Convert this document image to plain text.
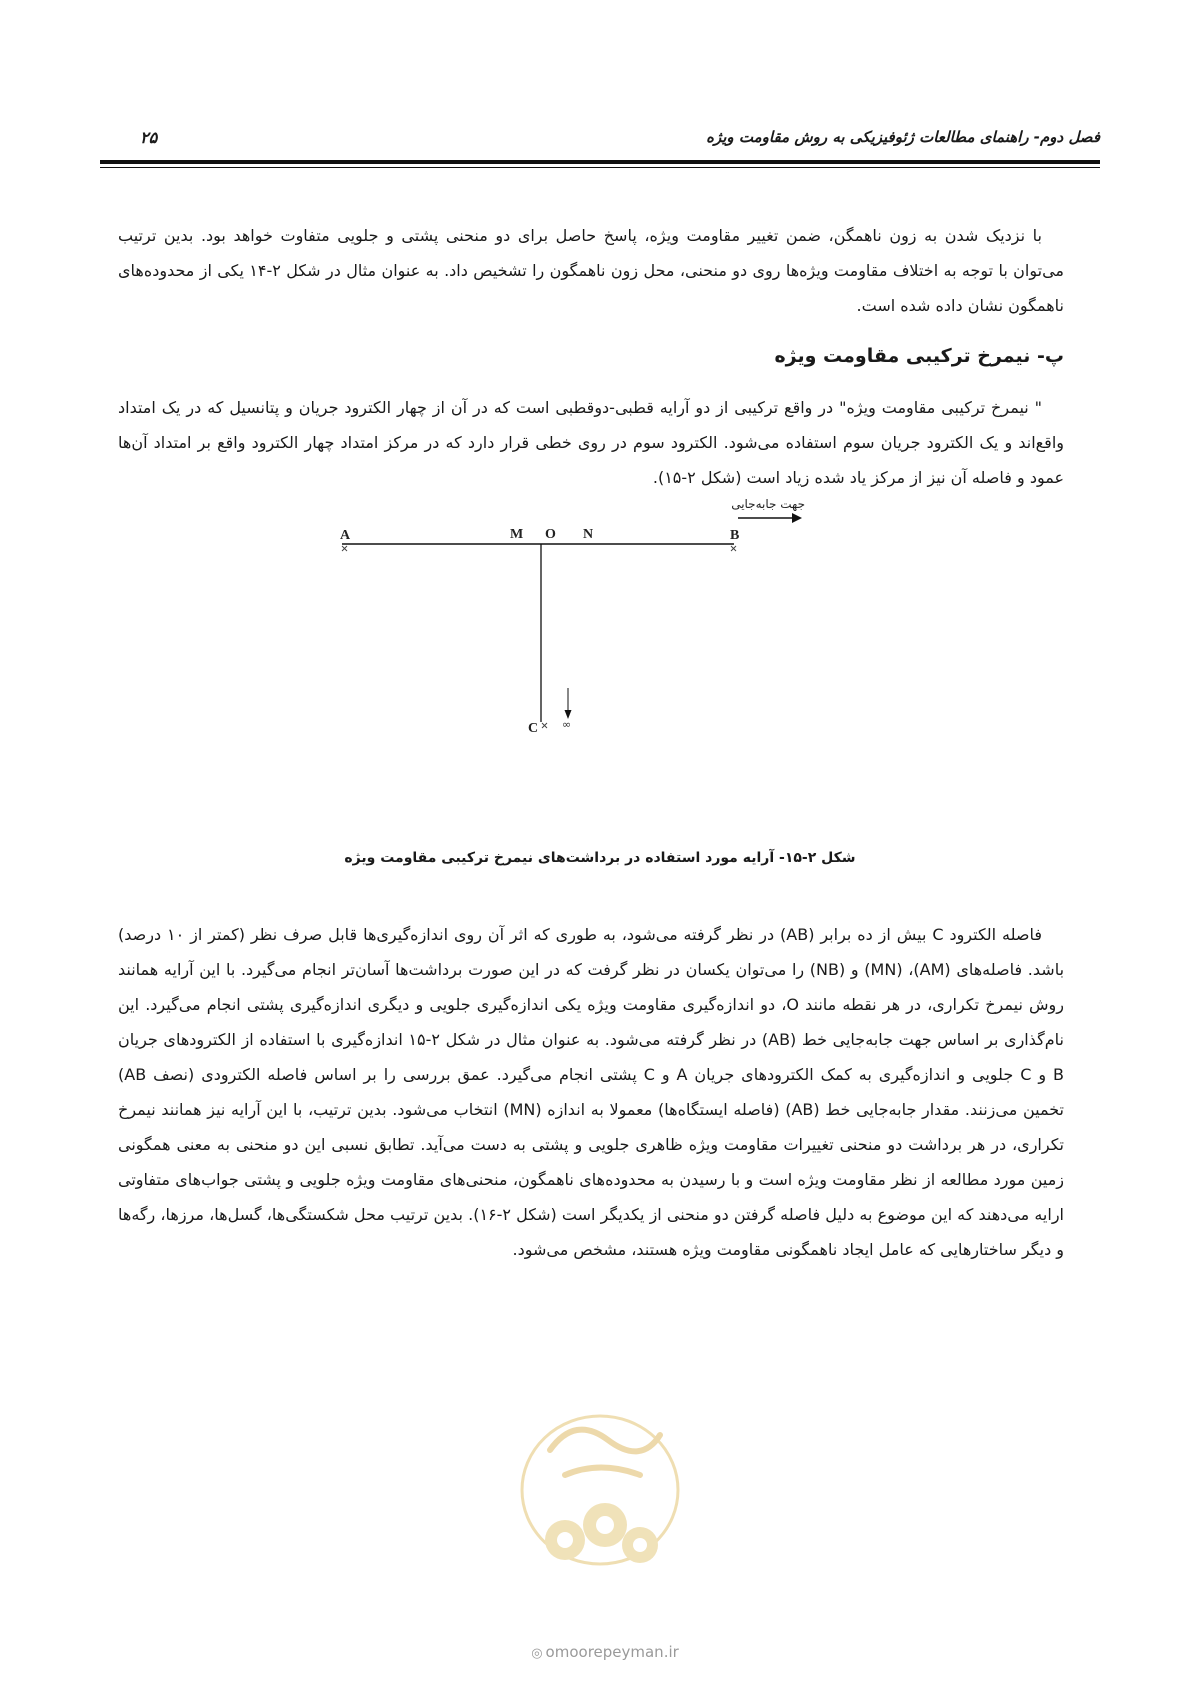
فصل دوم- راهنمای مطالعات ژئوفیزیکی به روش مقاومت ویژه
۲۵

با نزدیک شدن به زون ناهمگن، ضمن تغییر مقاومت ویژه، پاسخ حاصل برای دو منحنی پشتی و جلویی متفاوت خواهد بود. بدین ترتیب می‌توان با توجه به اختلاف مقاومت ویژه‌ها روی دو منحنی، محل زون ناهمگون را تشخیص داد. به عنوان مثال در شکل ۲-۱۴ یکی از محدوده‌های ناهمگون نشان داده شده است.

پ- نیمرخ ترکیبی مقاومت ویژه

" نیمرخ ترکیبی مقاومت ویژه" در واقع ترکیبی از دو آرایه قطبی-دوقطبی است که در آن از چهار الکترود جریان و پتانسیل که در یک امتداد واقع‌اند و یک الکترود جریان سوم استفاده می‌شود. الکترود سوم در روی خطی قرار دارد که در مرکز امتداد چهار الکترود واقع بر امتداد آن‌ها عمود و فاصله آن نیز از مرکز یاد شده زیاد است (شکل ۲-۱۵).

A	M O N	B
C
جهت جابه‌جایی
∞
شکل ۲-۱۵- آرایه مورد استفاده در برداشت‌های نیمرخ ترکیبی مقاومت ویژه

فاصله الکترود C بیش از ده برابر (AB) در نظر گرفته می‌شود، به طوری که اثر آن روی اندازه‌گیری‌ها قابل صرف نظر (کمتر از ۱۰ درصد) باشد. فاصله‌های (AM)، (MN) و (NB) را می‌توان یکسان در نظر گرفت که در این صورت برداشت‌ها آسان‌تر انجام می‌گیرد. با این آرایه همانند روش نیمرخ تکراری، در هر نقطه مانند O، دو اندازه‌گیری مقاومت ویژه یکی اندازه‌گیری جلویی و دیگری اندازه‌گیری پشتی انجام می‌گیرد. این نام‌گذاری بر اساس جهت جابه‌جایی خط (AB) در نظر گرفته می‌شود. به عنوان مثال در شکل ۲-۱۵ اندازه‌گیری با استفاده از الکترودهای جریان B و C جلویی و اندازه‌گیری به کمک الکترودهای جریان A و C پشتی انجام می‌گیرد. عمق بررسی را بر اساس فاصله الکترودی (نصف AB) تخمین می‌زنند. مقدار جابه‌جایی خط (AB) (فاصله ایستگاه‌ها) معمولا به اندازه (MN) انتخاب می‌شود. بدین ترتیب، با این آرایه نیز همانند نیمرخ تکراری، در هر برداشت دو منحنی تغییرات مقاومت ویژه ظاهری جلویی و پشتی به دست می‌آید. تطابق نسبی این دو منحنی به معنی همگونی زمین مورد مطالعه از نظر مقاومت ویژه است و با رسیدن به محدوده‌های ناهمگون، منحنی‌های مقاومت ویژه جلویی و پشتی جواب‌های متفاوتی ارایه می‌دهند که این موضوع به دلیل فاصله گرفتن دو منحنی از یکدیگر است (شکل ۲-۱۶). بدین ترتیب محل شکستگی‌ها، گسل‌ها، مرزها، رگه‌ها و دیگر ساختارهایی که عامل ایجاد ناهمگونی مقاومت ویژه هستند، مشخص می‌شود.

◎ omoorepeyman.ir
